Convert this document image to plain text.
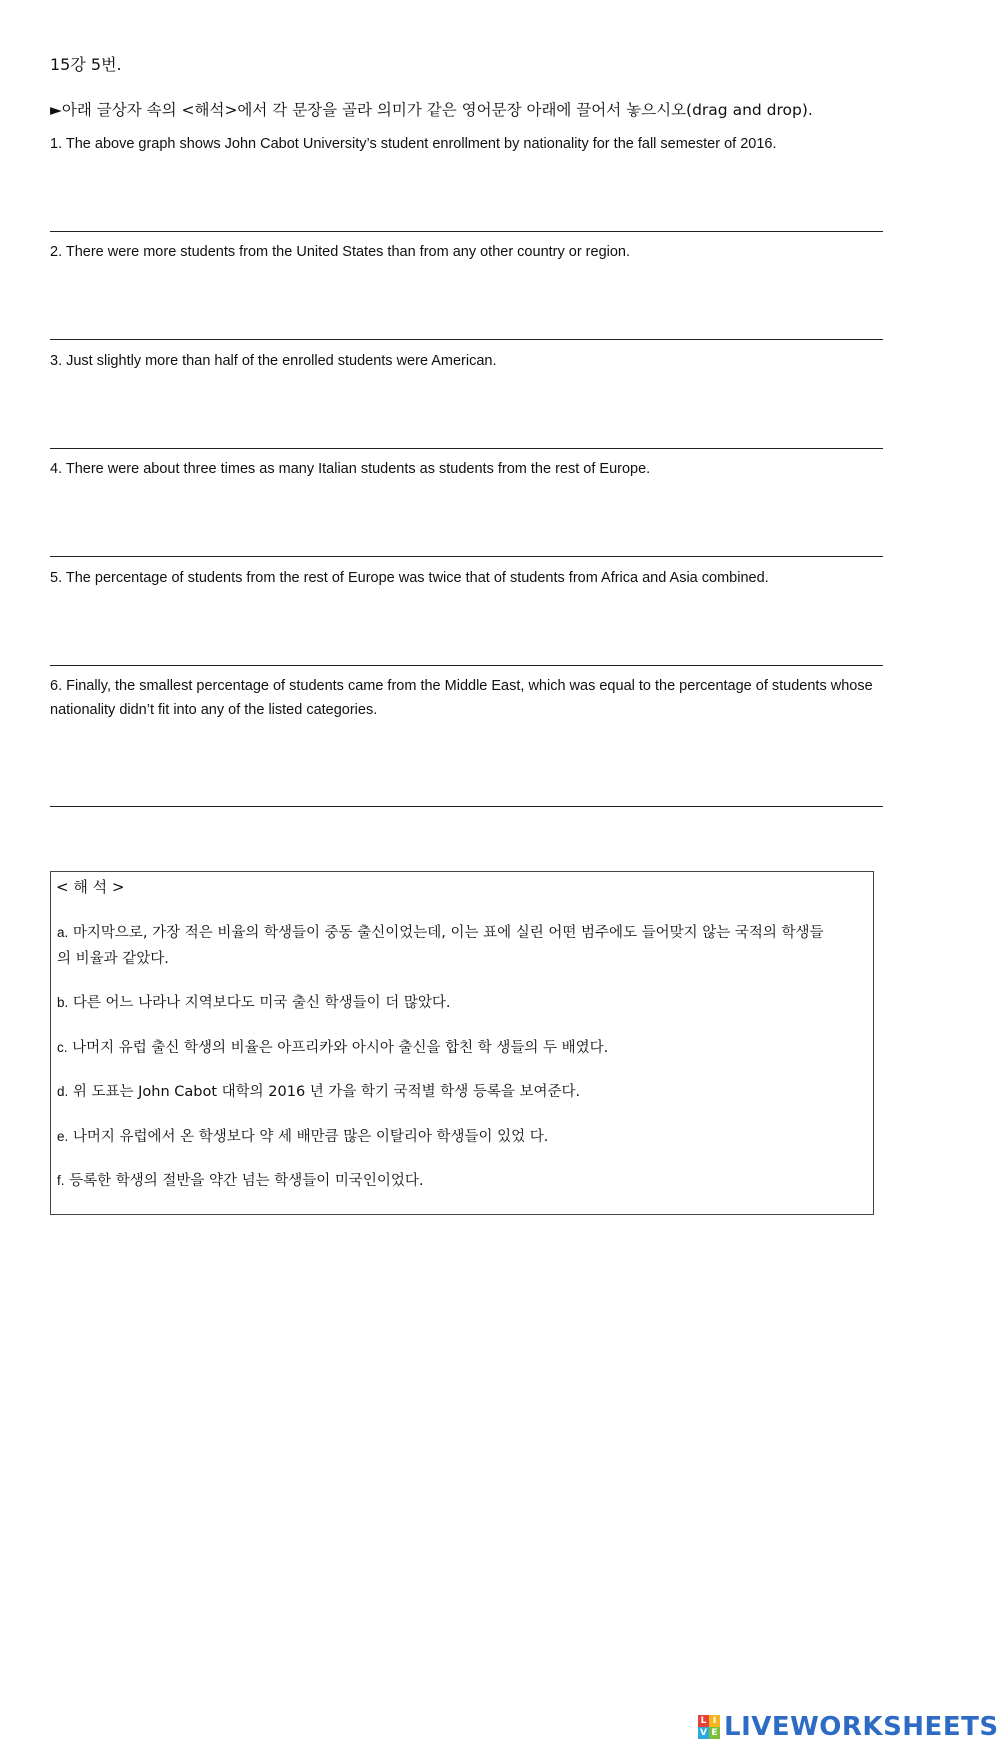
15강 5번.
►아래 글상자 속의 <해석>에서 각 문장을 골라 의미가 같은 영어문장 아래에 끌어서 놓으시오(drag and drop).
1. The above graph shows John Cabot University’s student enrollment by nationality for the fall semester of 2016.
2. There were more students from the United States than from any other country or region.
3. Just slightly more than half of the enrolled students were American.
4. There were about three times as many Italian students as students from the rest of Europe.
5. The percentage of students from the rest of Europe was twice that of students from Africa and Asia combined.
6. Finally, the smallest percentage of students came from the Middle East, which was equal to the percentage of students whose nationality didn’t fit into any of the listed categories.
< 해 석 >
a. 마지막으로, 가장 적은 비율의 학생들이 중동 출신이었는데, 이는 표에 실린 어떤 범주에도 들어맞지 않는 국적의 학생들의 비율과 같았다.
b. 다른 어느 나라나 지역보다도 미국 출신 학생들이 더 많았다.
c. 나머지 유럽 출신 학생의 비율은 아프리카와 아시아 출신을 합친 학 생들의 두 배였다.
d. 위 도표는 John Cabot 대학의 2016 년 가을 학기 국적별 학생 등록을 보여준다.
e. 나머지 유럽에서 온 학생보다 약 세 배만큼 많은 이탈리아 학생들이 있었 다.
f. 등록한 학생의 절반을 약간 넘는 학생들이 미국인이었다.
L I
V E LIVEWORKSHEETS
